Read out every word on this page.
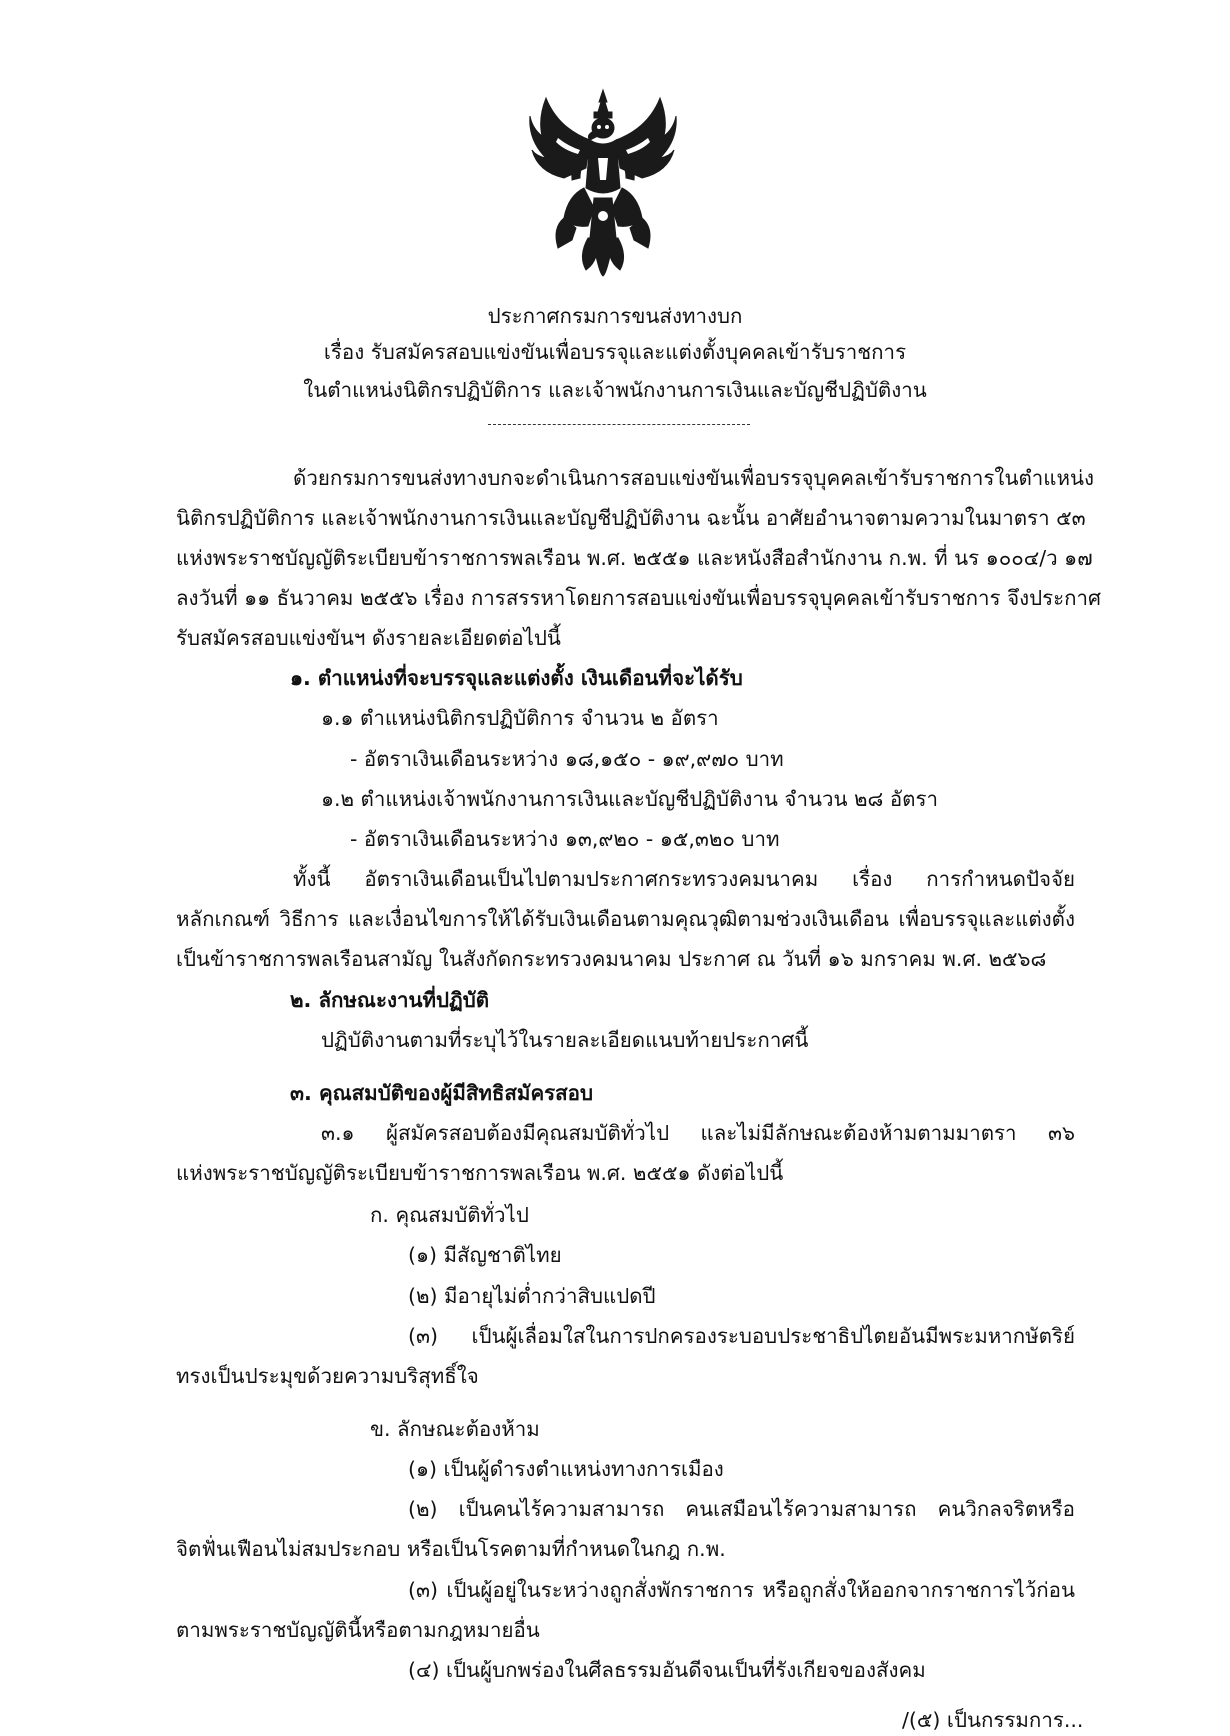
ประกาศกรมการขนส่งทางบก
เรื่อง รับสมัครสอบแข่งขันเพื่อบรรจุและแต่งตั้งบุคคลเข้ารับราชการ
ในตำแหน่งนิติกรปฏิบัติการ และเจ้าพนักงานการเงินและบัญชีปฏิบัติงาน
ด้วยกรมการขนส่งทางบกจะดำเนินการสอบแข่งขันเพื่อบรรจุบุคคลเข้ารับราชการในตำแหน่ง
นิติกรปฏิบัติการ และเจ้าพนักงานการเงินและบัญชีปฏิบัติงาน ฉะนั้น อาศัยอำนาจตามความในมาตรา ๕๓
แห่งพระราชบัญญัติระเบียบข้าราชการพลเรือน พ.ศ. ๒๕๕๑ และหนังสือสำนักงาน ก.พ. ที่ นร ๑๐๐๔/ว ๑๗
ลงวันที่ ๑๑ ธันวาคม ๒๕๕๖ เรื่อง การสรรหาโดยการสอบแข่งขันเพื่อบรรจุบุคคลเข้ารับราชการ จึงประกาศ
รับสมัครสอบแข่งขันฯ ดังรายละเอียดต่อไปนี้
๑. ตำแหน่งที่จะบรรจุและแต่งตั้ง เงินเดือนที่จะได้รับ
๑.๑ ตำแหน่งนิติกรปฏิบัติการ จำนวน ๒ อัตรา
- อัตราเงินเดือนระหว่าง ๑๘,๑๕๐ - ๑๙,๙๗๐ บาท
๑.๒ ตำแหน่งเจ้าพนักงานการเงินและบัญชีปฏิบัติงาน จำนวน ๒๘ อัตรา
- อัตราเงินเดือนระหว่าง ๑๓,๙๒๐ - ๑๕,๓๒๐ บาท
ทั้งนี้ อัตราเงินเดือนเป็นไปตามประกาศกระทรวงคมนาคม เรื่อง การกำหนดปัจจัย
หลักเกณฑ์ วิธีการ และเงื่อนไขการให้ได้รับเงินเดือนตามคุณวุฒิตามช่วงเงินเดือน เพื่อบรรจุและแต่งตั้ง
เป็นข้าราชการพลเรือนสามัญ ในสังกัดกระทรวงคมนาคม ประกาศ ณ วันที่ ๑๖ มกราคม พ.ศ. ๒๕๖๘
๒. ลักษณะงานที่ปฏิบัติ
ปฏิบัติงานตามที่ระบุไว้ในรายละเอียดแนบท้ายประกาศนี้
๓. คุณสมบัติของผู้มีสิทธิสมัครสอบ
๓.๑ ผู้สมัครสอบต้องมีคุณสมบัติทั่วไป และไม่มีลักษณะต้องห้ามตามมาตรา ๓๖
แห่งพระราชบัญญัติระเบียบข้าราชการพลเรือน พ.ศ. ๒๕๕๑ ดังต่อไปนี้
ก. คุณสมบัติทั่วไป
(๑) มีสัญชาติไทย
(๒) มีอายุไม่ต่ำกว่าสิบแปดปี
(๓) เป็นผู้เลื่อมใสในการปกครองระบอบประชาธิปไตยอันมีพระมหากษัตริย์
ทรงเป็นประมุขด้วยความบริสุทธิ์ใจ
ข. ลักษณะต้องห้าม
(๑) เป็นผู้ดำรงตำแหน่งทางการเมือง
(๒) เป็นคนไร้ความสามารถ คนเสมือนไร้ความสามารถ คนวิกลจริตหรือ
จิตฟั่นเฟือนไม่สมประกอบ หรือเป็นโรคตามที่กำหนดในกฎ ก.พ.
(๓) เป็นผู้อยู่ในระหว่างถูกสั่งพักราชการ หรือถูกสั่งให้ออกจากราชการไว้ก่อน
ตามพระราชบัญญัตินี้หรือตามกฎหมายอื่น
(๔) เป็นผู้บกพร่องในศีลธรรมอันดีจนเป็นที่รังเกียจของสังคม
/(๕) เป็นกรรมการ...
